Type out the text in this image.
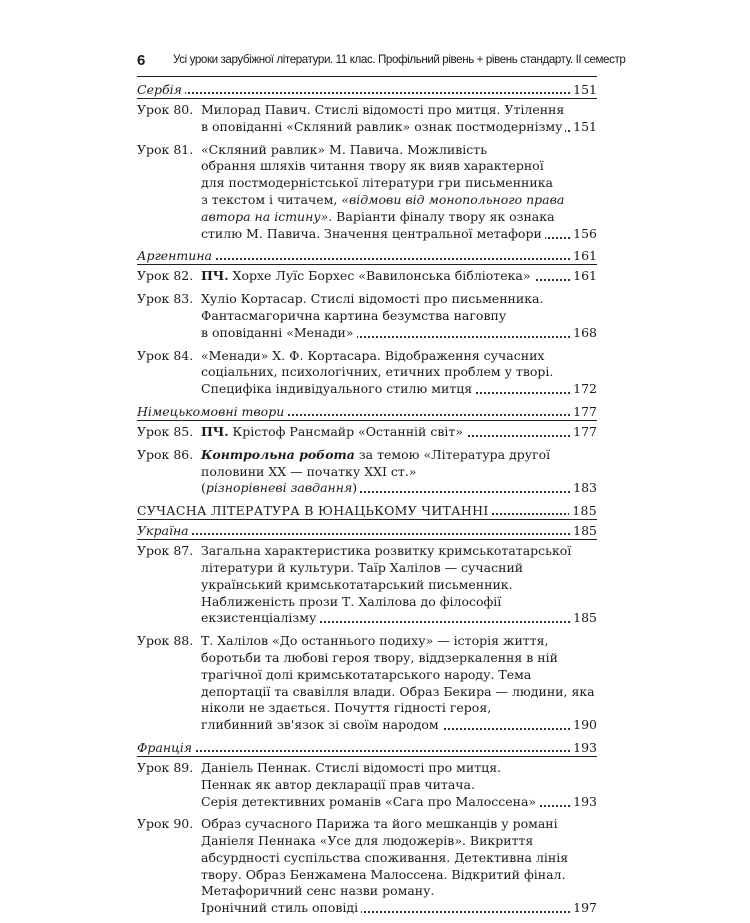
6 Усі уроки зарубіжної літератури. 11 клас. Профільний рівень + рівень стандарту. II семестр
Сербія	151
Урок 80. Милорад Павич. Стислі відомості про митця. Утілення
в оповіданні «Скляний равлик» ознак постмодернізму 151
Урок 81. «Скляний равлик» М. Павича. Можливість
обрання шляхів читання твору як вияв характерної
для постмодерністської літератури гри письменника
з текстом і читачем, «відмови від монопольного права
автора на істину». Варіанти фіналу твору як ознака
стилю М. Павича. Значення центральної метафори	156
Аргентина	161
Урок 82. ПЧ. Хорхе Луїс Борхес «Вавилонська бібліотека»	161
Урок 83. Хуліо Кортасар. Стислі відомості про письменника.
Фантасмагорична картина безумства наговпу
в оповіданні «Менади»	168
Урок 84. «Менади» Х. Ф. Кортасара. Відображення сучасних
соціальних, психологічних, етичних проблем у творі.
Специфіка індивідуального стилю митця	172
Німецькомовні твори	177
Урок 85. ПЧ. Крістоф Рансмайр «Останній світ»	177
Урок 86. Контрольна робота за темою «Література другої
половини XX — початку XXI ст.»
(різнорівневі завдання)	183
СУЧАСНА ЛІТЕРАТУРА В ЮНАЦЬКОМУ ЧИТАННІ	185
Україна	185
Урок 87. Загальна характеристика розвитку кримськотатарської
літератури й культури. Таїр Халілов — сучасний
український кримськотатарський письменник.
Наближеність прози Т. Халілова до філософії
екзистенціалізму	185
Урок 88. Т. Халілов «До останнього подиху» — історія життя,
боротьби та любові героя твору, віддзеркалення в ній
трагічної долі кримськотатарського народу. Тема
депортації та свавілля влади. Образ Бекира — людини, яка
ніколи не здається. Почуття гідності героя,
глибинний зв'язок зі своїм народом	190
Франція	193
Урок 89. Даніель Пеннак. Стислі відомості про митця.
Пеннак як автор декларації прав читача.
Серія детективних романів «Сага про Малоссена»	193
Урок 90. Образ сучасного Парижа та його мешканців у романі
Даніеля Пеннака «Усе для людожерів». Викриття
абсурдності суспільства споживання. Детективна лінія
твору. Образ Бенжамена Малоссена. Відкритий фінал.
Метафоричний сенс назви роману.
Іронічний стиль оповіді	197
